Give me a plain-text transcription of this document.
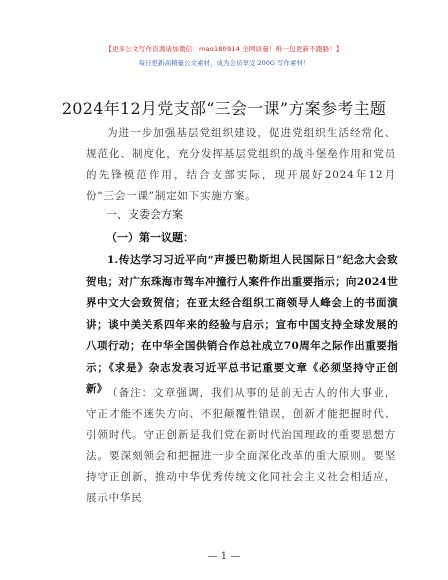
【更多公文写作资源请加微信：mao180914 全网质量！唯一包更新不跑路！】
每日更新高精量公文素材，成为会员享受 200G 写作素材！
2024年12月党支部“三会一课”方案参考主题
为进一步加强基层党组织建设，促进党组织生活经常化、规范化、制度化，充分发挥基层党组织的战斗堡垒作用和党员的先锋模范作用，结合支部实际，现开展好2024年12月份“三会一课”制定如下实施方案。
一、支委会方案
（一）第一议题：
1.传达学习习近平向“声援巴勒斯坦人民国际日”纪念大会致贺电；对广东珠海市驾车冲撞行人案件作出重要指示；向2024世界中文大会致贺信；在亚太经合组织工商领导人峰会上的书面演讲；谈中美关系四年来的经验与启示；宣布中国支持全球发展的八项行动；在中华全国供销合作总社成立70周年之际作出重要指示；《求是》杂志发表习近平总书记重要文章《必须坚持守正创新》 （备注：文章强调，我们从事的是前无古人的伟大事业，守正才能不迷失方向、不犯颠覆性错误，创新才能把握时代、引领时代。守正创新是我们党在新时代治国理政的重要思想方法。要深刻领会和把握进一步全面深化改革的重大原则。要坚持守正创新，推动中华优秀传统文化同社会主义社会相适应，展示中华民
— 1 —
